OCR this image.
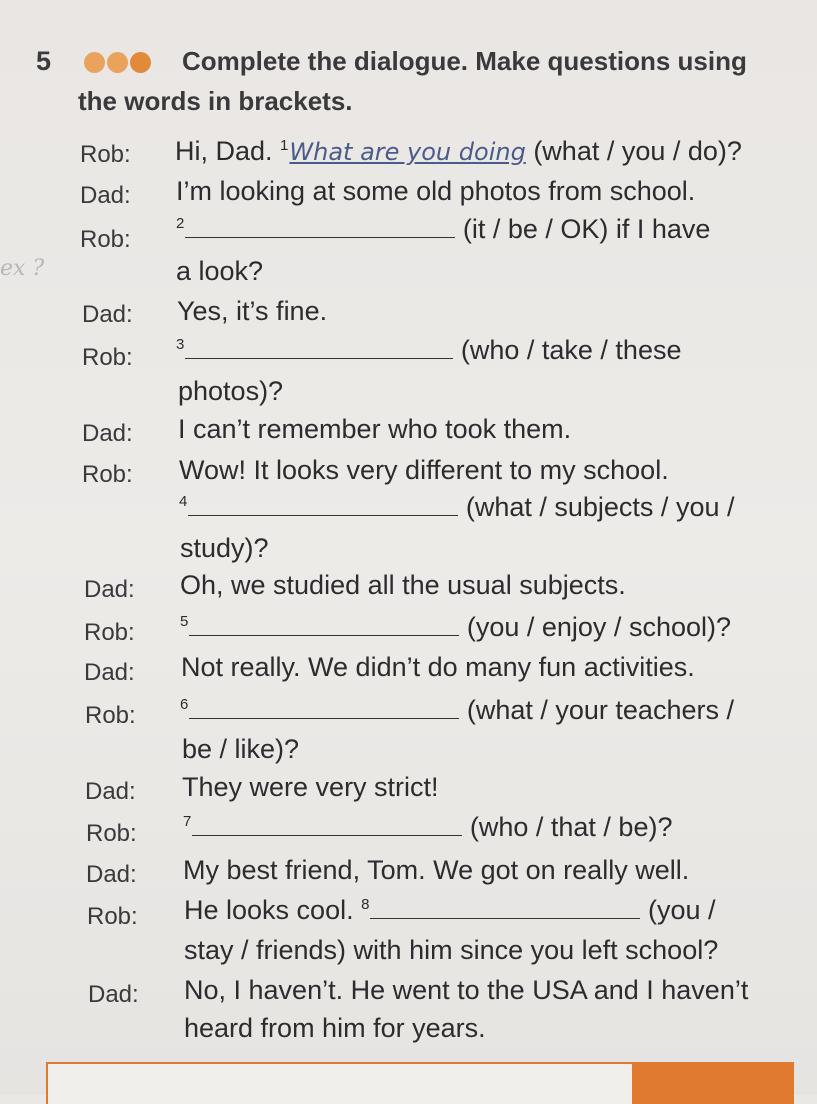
ex ?
5	Complete the dialogue. Make questions using
the words in brackets.
Rob: Hi, Dad. $^1$What are you doing (what / you / do)?
Dad: I’m looking at some old photos from school.
Rob:
$^2$	(it / be / OK) if I have
a look?
Dad: Yes, it’s fine.
Rob:	$^3$	(who / take / these
photos)?
Dad: I can’t remember who took them.
Rob: Wow! It looks very different to my school.
$^4$	(what / subjects / you /
study)?
Dad: Oh, we studied all the usual subjects.
Rob:	$^5$	(you / enjoy / school)?
Dad: Not really. We didn’t do many fun activities.
Rob:	$^6$	(what / your teachers /
be / like)?
Dad: They were very strict!
Rob:	$^7$	(who / that / be)?
Dad: My best friend, Tom. We got on really well.
Rob: He looks cool. $^8$	(you /
stay / friends) with him since you left school?
Dad: No, I haven’t. He went to the USA and I haven’t
heard from him for years.
